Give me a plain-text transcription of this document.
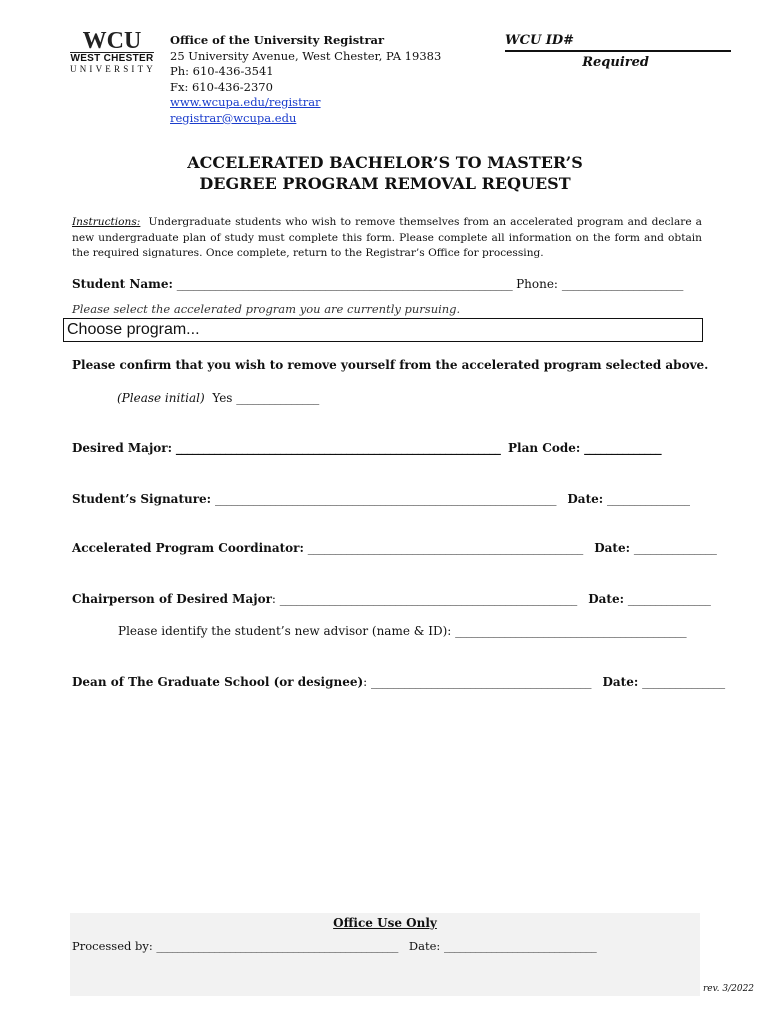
WCU
WEST CHESTER
UNIVERSITY
Office of the University Registrar
25 University Avenue, West Chester, PA 19383
Ph: 610-436-3541
Fx: 610-436-2370
www.wcupa.edu/registrar
registrar@wcupa.edu
WCU ID#
Required
ACCELERATED BACHELOR’S TO MASTER’S
DEGREE PROGRAM REMOVAL REQUEST
Instructions: Undergraduate students who wish to remove themselves from an accelerated program and declare a new undergraduate plan of study must complete this form. Please complete all information on the form and obtain the required signatures. Once complete, return to the Registrar’s Office for processing.
Student Name: _____________________________________________________________ Phone: ______________________
Please select the accelerated program you are currently pursuing.
Choose program...
Please confirm that you wish to remove yourself from the accelerated program selected above.
(Please initial) Yes _______________
Desired Major: ___________________________________________________________ Plan Code: ______________
Student’s Signature: ______________________________________________________________ Date: _______________
Accelerated Program Coordinator: __________________________________________________ Date: _______________
Chairperson of Desired Major: ______________________________________________________ Date: _______________
Please identify the student’s new advisor (name & ID): __________________________________________
Dean of The Graduate School (or designee): ________________________________________ Date: _______________
Office Use Only
Processed by: ______________________________________________ Date: _____________________________
rev. 3/2022
